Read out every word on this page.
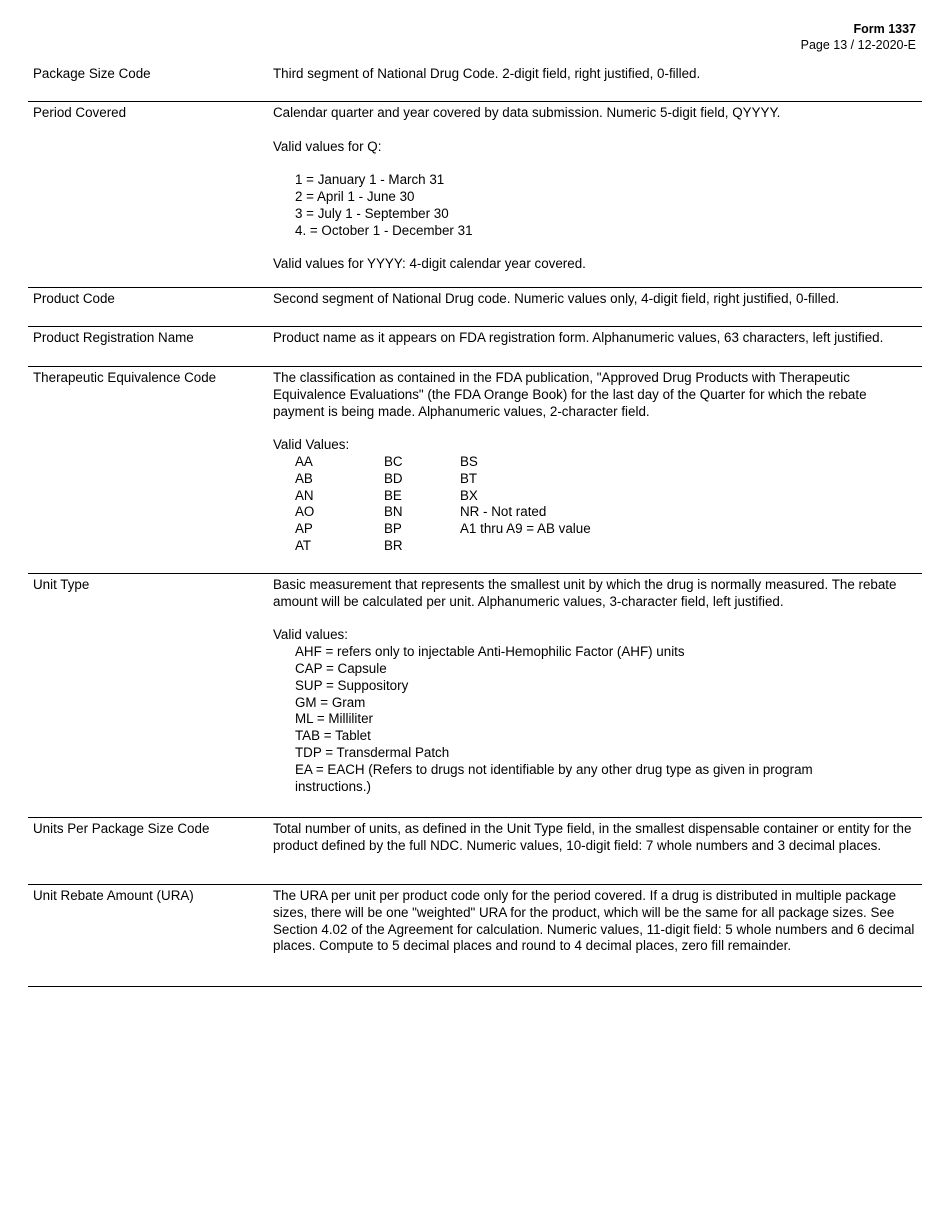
Form 1337
Page 13 / 12-2020-E
Package Size Code	Third segment of National Drug Code. 2-digit field, right justified, 0-filled.
Period Covered	Calendar quarter and year covered by data submission. Numeric 5-digit field, QYYYY.
Valid values for Q:
1 = January 1 - March 31
2 = April 1 - June 30
3 = July 1 - September 30
4. = October 1 - December 31
Valid values for YYYY: 4-digit calendar year covered.
Product Code	Second segment of National Drug code. Numeric values only, 4-digit field, right justified, 0-filled.
Product Registration Name	Product name as it appears on FDA registration form. Alphanumeric values, 63 characters, left justified.
Therapeutic Equivalence Code	The classification as contained in the FDA publication, "Approved Drug Products with Therapeutic Equivalence Evaluations" (the FDA Orange Book) for the last day of the Quarter for which the rebate payment is being made. Alphanumeric values, 2-character field.
Valid Values:
AA	BC	BS
AB	BD	BT
AN	BE	BX
AO	BN	NR - Not rated
AP	BP	A1 thru A9 = AB value
AT	BR
Unit Type	Basic measurement that represents the smallest unit by which the drug is normally measured. The rebate amount will be calculated per unit. Alphanumeric values, 3-character field, left justified.
Valid values:
AHF = refers only to injectable Anti-Hemophilic Factor (AHF) units
CAP = Capsule
SUP = Suppository
GM = Gram
ML = Milliliter
TAB = Tablet
TDP = Transdermal Patch
EA = EACH (Refers to drugs not identifiable by any other drug type as given in program instructions.)
Units Per Package Size Code	Total number of units, as defined in the Unit Type field, in the smallest dispensable container or entity for the product defined by the full NDC. Numeric values, 10-digit field: 7 whole numbers and 3 decimal places.
Unit Rebate Amount (URA)	The URA per unit per product code only for the period covered. If a drug is distributed in multiple package sizes, there will be one "weighted" URA for the product, which will be the same for all package sizes. See Section 4.02 of the Agreement for calculation. Numeric values, 11-digit field: 5 whole numbers and 6 decimal places. Compute to 5 decimal places and round to 4 decimal places, zero fill remainder.
